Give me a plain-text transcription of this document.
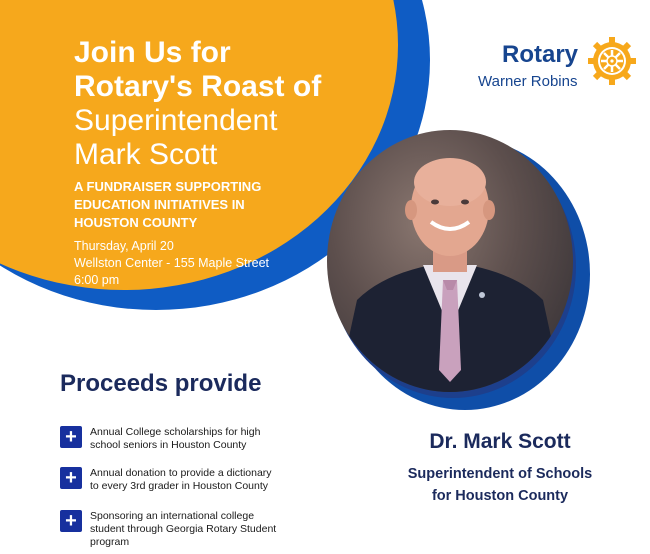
Join Us for
Rotary's Roast of
Superintendent
Mark Scott
A FUNDRAISER SUPPORTING
EDUCATION INITIATIVES IN
HOUSTON COUNTY
Thursday, April 20
Wellston Center - 155 Maple Street
6:00 pm
Rotary
Warner Robins
Proceeds provide
+	Annual College scholarships for high
school seniors in Houston County
+	Annual donation to provide a dictionary
to every 3rd grader in Houston County
+	Sponsoring an international college
student through Georgia Rotary Student
program
Dr. Mark Scott
Superintendent of Schools
for Houston County
